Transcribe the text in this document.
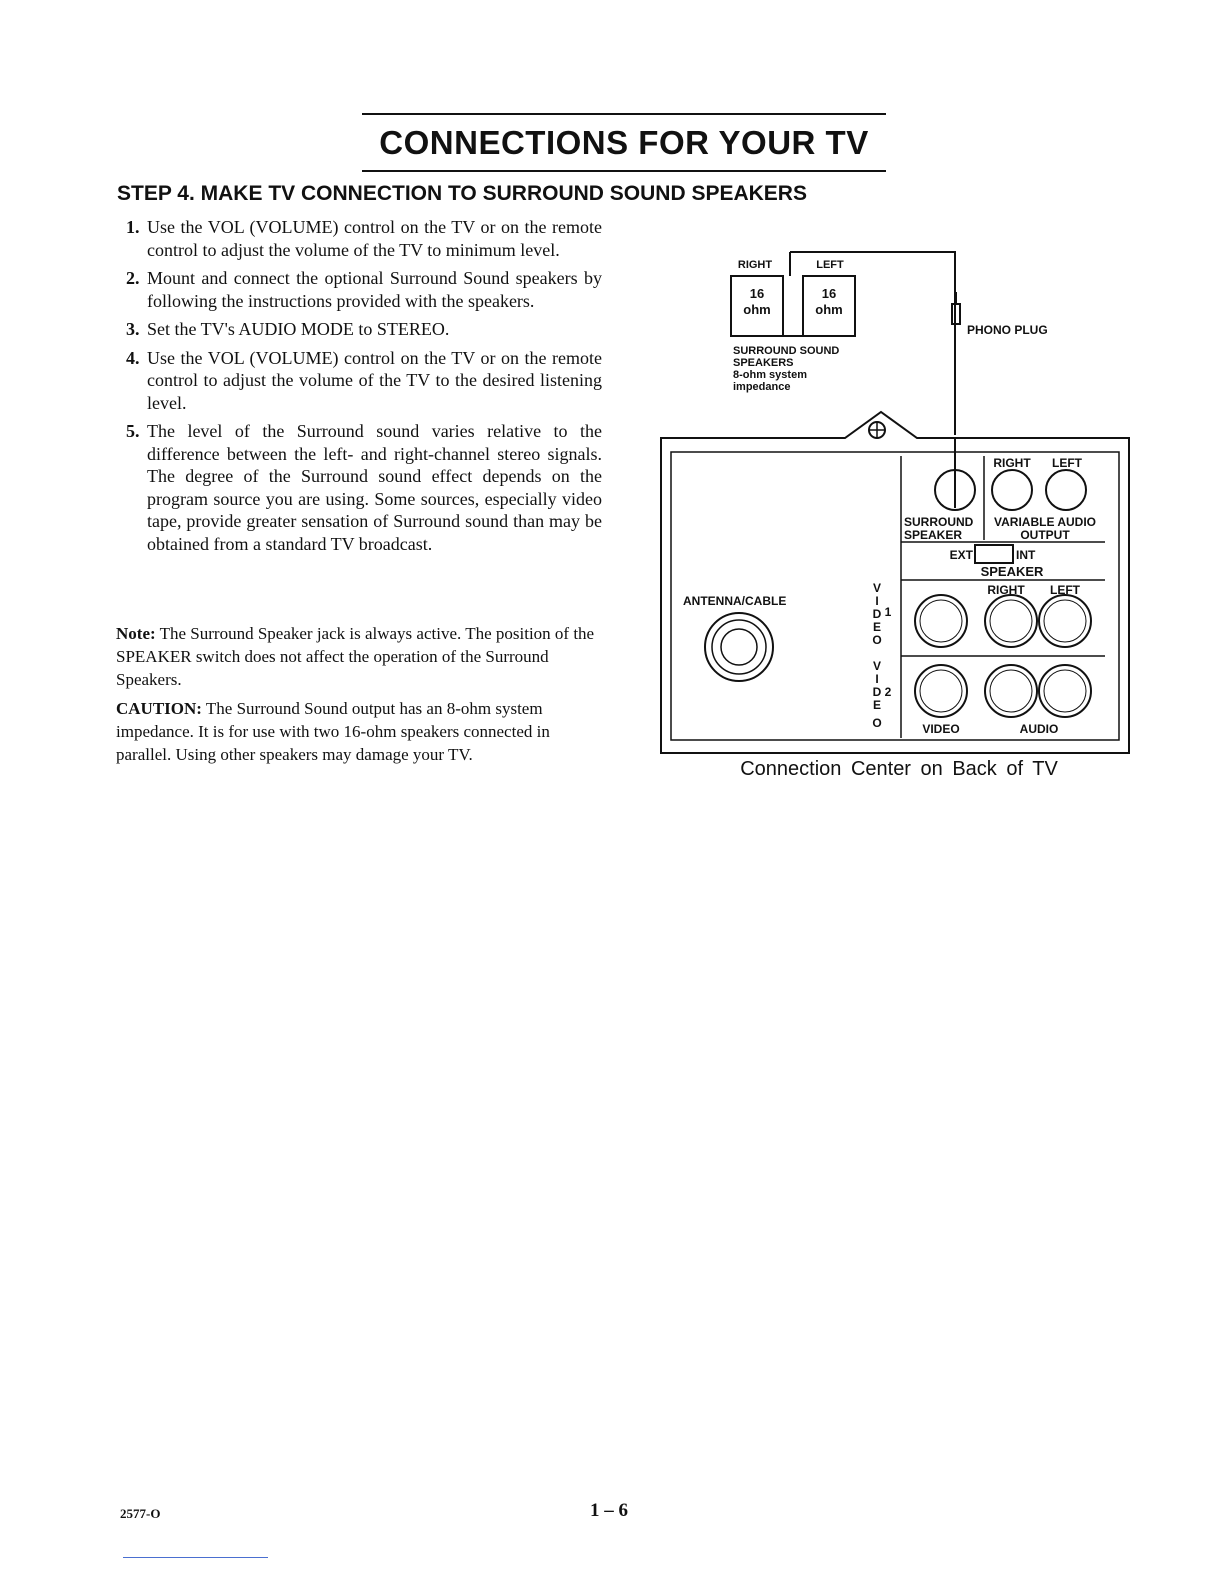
CONNECTIONS FOR YOUR TV
STEP 4. MAKE TV CONNECTION TO SURROUND SOUND SPEAKERS
1. Use the VOL (VOLUME) control on the TV or on the remote control to adjust the volume of the TV to minimum level.
2. Mount and connect the optional Surround Sound speakers by following the instructions provided with the speakers.
3. Set the TV's AUDIO MODE to STEREO.
4. Use the VOL (VOLUME) control on the TV or on the remote control to adjust the volume of the TV to the desired listening level.
5. The level of the Surround sound varies relative to the difference between the left- and right-channel stereo signals. The degree of the Surround sound effect depends on the program source you are using. Some sources, especially video tape, provide greater sensation of Surround sound than may be obtained from a standard TV broadcast.

Note: The Surround Speaker jack is always active. The position of the SPEAKER switch does not affect the operation of the Surround Speakers.

CAUTION: The Surround Sound output has an 8-ohm system impedance. It is for use with two 16-ohm speakers connected in parallel. Using other speakers may damage your TV.

RIGHT	LEFT
16
ohm
16
ohm
SURROUND SOUND
SPEAKERS
8-ohm system
impedance
PHONO PLUG
RIGHT LEFT
SURROUND
SPEAKER
VARIABLE AUDIO
OUTPUT
EXT	INT
SPEAKER
RIGHT LEFT
ANTENNA/CABLE
V
I
D 1
E
O
V
I
D 2
E
O	VIDEO	AUDIO
Connection Center on Back of TV
2577-O	1 – 6
